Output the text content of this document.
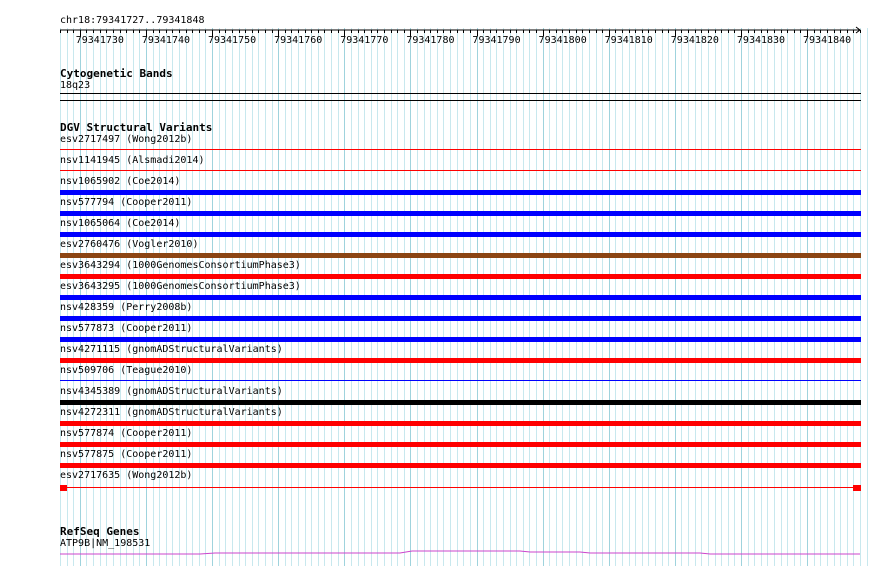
chr18:79341727..79341848
79341730 79341740 79341750 79341760 79341770 79341780 79341790 79341800 79341810 79341820 79341830 79341840
Cytogenetic Bands
18q23
DGV Structural Variants
esv2717497 (Wong2012b)
nsv1141945 (Alsmadi2014)
nsv1065902 (Coe2014)
nsv577794 (Cooper2011)
nsv1065064 (Coe2014)
esv2760476 (Vogler2010)
esv3643294 (1000GenomesConsortiumPhase3)
esv3643295 (1000GenomesConsortiumPhase3)
nsv428359 (Perry2008b)
nsv577873 (Cooper2011)
nsv4271115 (gnomADStructuralVariants)
nsv509706 (Teague2010)
nsv4345389 (gnomADStructuralVariants)
nsv4272311 (gnomADStructuralVariants)
nsv577874 (Cooper2011)
nsv577875 (Cooper2011)
esv2717635 (Wong2012b)
RefSeq Genes
ATP9B|NM_198531
